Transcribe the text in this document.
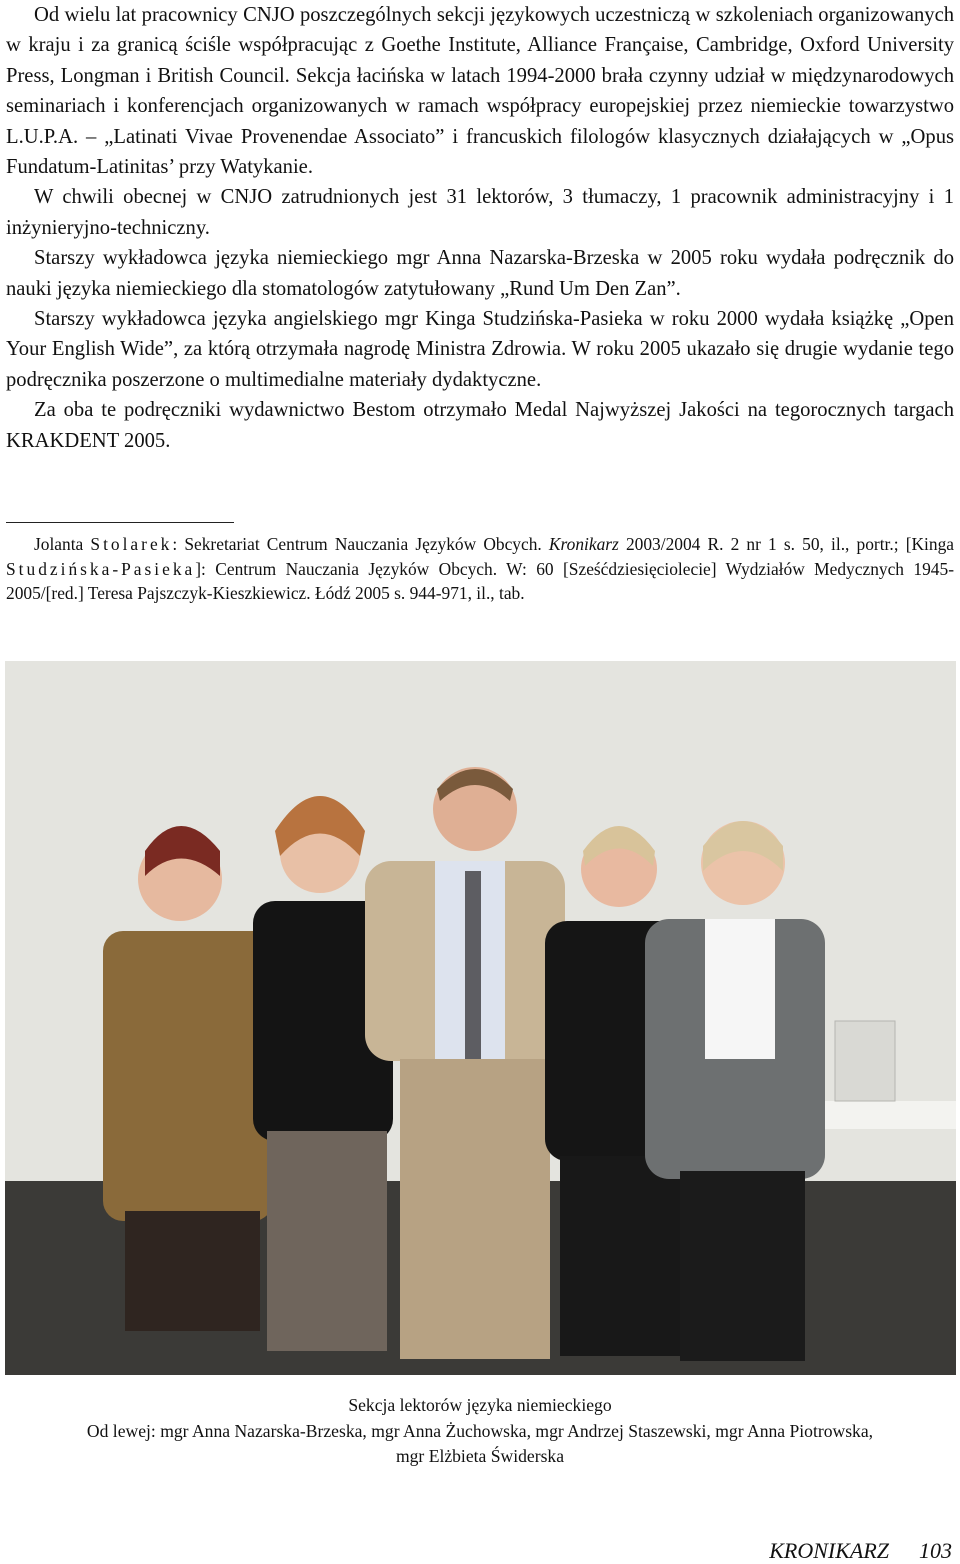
Od wielu lat pracownicy CNJO poszczególnych sekcji językowych uczestniczą w szkoleniach organizowanych w kraju i za granicą ściśle współpracując z Goethe Institute, Alliance Française, Cambridge, Oxford University Press, Longman i British Council. Sekcja łacińska w latach 1994-2000 brała czynny udział w międzynarodowych seminariach i konferencjach organizowanych w ramach współpracy europejskiej przez niemieckie towarzystwo L.U.P.A. – „Latinati Vivae Provenendae Associato” i francuskich filologów klasycznych działających w „Opus Fundatum-Latinitas’ przy Watykanie.

W chwili obecnej w CNJO zatrudnionych jest 31 lektorów, 3 tłumaczy, 1 pracownik administracyjny i 1 inżynieryjno-techniczny.

Starszy wykładowca języka niemieckiego mgr Anna Nazarska-Brzeska w 2005 roku wydała podręcznik do nauki języka niemieckiego dla stomatologów zatytułowany „Rund Um Den Zan”.

Starszy wykładowca języka angielskiego mgr Kinga Studzińska-Pasieka w roku 2000 wydała książkę „Open Your English Wide”, za którą otrzymała nagrodę Ministra Zdrowia. W roku 2005 ukazało się drugie wydanie tego podręcznika poszerzone o multimedialne materiały dydaktyczne.

Za oba te podręczniki wydawnictwo Bestom otrzymało Medal Najwyższej Jakości na tegorocznych targach KRAKDENT 2005.

Jolanta Stolarek: Sekretariat Centrum Nauczania Języków Obcych. Kronikarz 2003/2004 R. 2 nr 1 s. 50, il., portr.; [Kinga Studzińska-Pasieka]: Centrum Nauczania Języków Obcych. W: 60 [Sześćdziesięciolecie] Wydziałów Medycznych 1945-2005/[red.] Teresa Pajszczyk-Kieszkiewicz. Łódź 2005 s. 944-971, il., tab.

Sekcja lektorów języka niemieckiego
Od lewej: mgr Anna Nazarska-Brzeska, mgr Anna Żuchowska, mgr Andrzej Staszewski, mgr Anna Piotrowska,
mgr Elżbieta Świderska
KRONIKARZ 103
